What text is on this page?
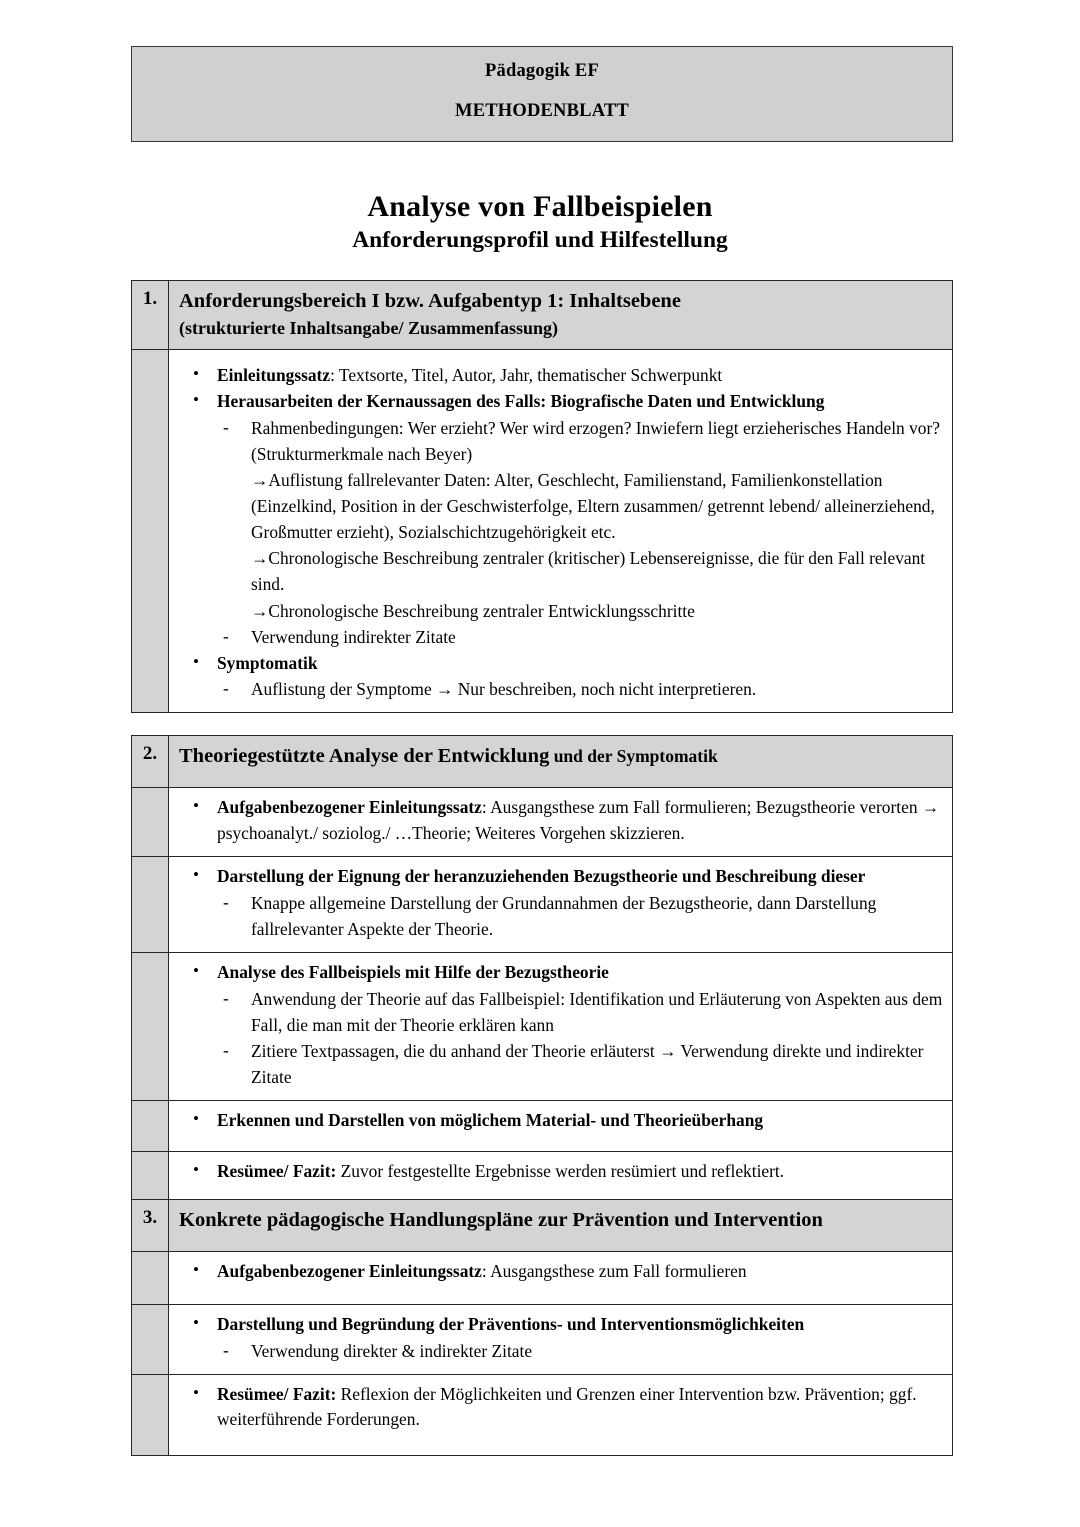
Pädagogik EF
METHODENBLATT
Analyse von Fallbeispielen
Anforderungsprofil und Hilfestellung
1.	Anforderungsbereich I bzw. Aufgabentyp 1: Inhaltsebene
(strukturierte Inhaltsangabe/ Zusammenfassung)

• Einleitungssatz: Textsorte, Titel, Autor, Jahr, thematischer Schwerpunkt
• Herausarbeiten der Kernaussagen des Falls: Biografische Daten und Entwicklung
- Rahmenbedingungen: Wer erzieht? Wer wird erzogen? Inwiefern liegt erzieherisches Handeln vor? (Strukturmerkmale nach Beyer)
→Auflistung fallrelevanter Daten: Alter, Geschlecht, Familienstand, Familienkonstellation (Einzelkind, Position in der Geschwisterfolge, Eltern zusammen/ getrennt lebend/ alleinerziehend, Großmutter erzieht), Sozialschichtzugehörigkeit etc.
→Chronologische Beschreibung zentraler (kritischer) Lebensereignisse, die für den Fall relevant sind.
→Chronologische Beschreibung zentraler Entwicklungsschritte
- Verwendung indirekter Zitate
• Symptomatik
- Auflistung der Symptome → Nur beschreiben, noch nicht interpretieren.
2.	Theoriegestützte Analyse der Entwicklung und der Symptomatik

• Aufgabenbezogener Einleitungssatz: Ausgangsthese zum Fall formulieren; Bezugstheorie verorten → psychoanalyt./ soziolog./ …Theorie; Weiteres Vorgehen skizzieren.

• Darstellung der Eignung der heranzuziehenden Bezugstheorie und Beschreibung dieser
- Knappe allgemeine Darstellung der Grundannahmen der Bezugstheorie, dann Darstellung fallrelevanter Aspekte der Theorie.

• Analyse des Fallbeispiels mit Hilfe der Bezugstheorie
- Anwendung der Theorie auf das Fallbeispiel: Identifikation und Erläuterung von Aspekten aus dem Fall, die man mit der Theorie erklären kann
- Zitiere Textpassagen, die du anhand der Theorie erläuterst → Verwendung direkte und indirekter Zitate

• Erkennen und Darstellen von möglichem Material- und Theorieüberhang

• Resümee/ Fazit: Zuvor festgestellte Ergebnisse werden resümiert und reflektiert.
3.	Konkrete pädagogische Handlungspläne zur Prävention und Intervention

• Aufgabenbezogener Einleitungssatz: Ausgangsthese zum Fall formulieren

• Darstellung und Begründung der Präventions- und Interventionsmöglichkeiten
- Verwendung direkter & indirekter Zitate

• Resümee/ Fazit: Reflexion der Möglichkeiten und Grenzen einer Intervention bzw. Prävention; ggf. weiterführende Forderungen.
